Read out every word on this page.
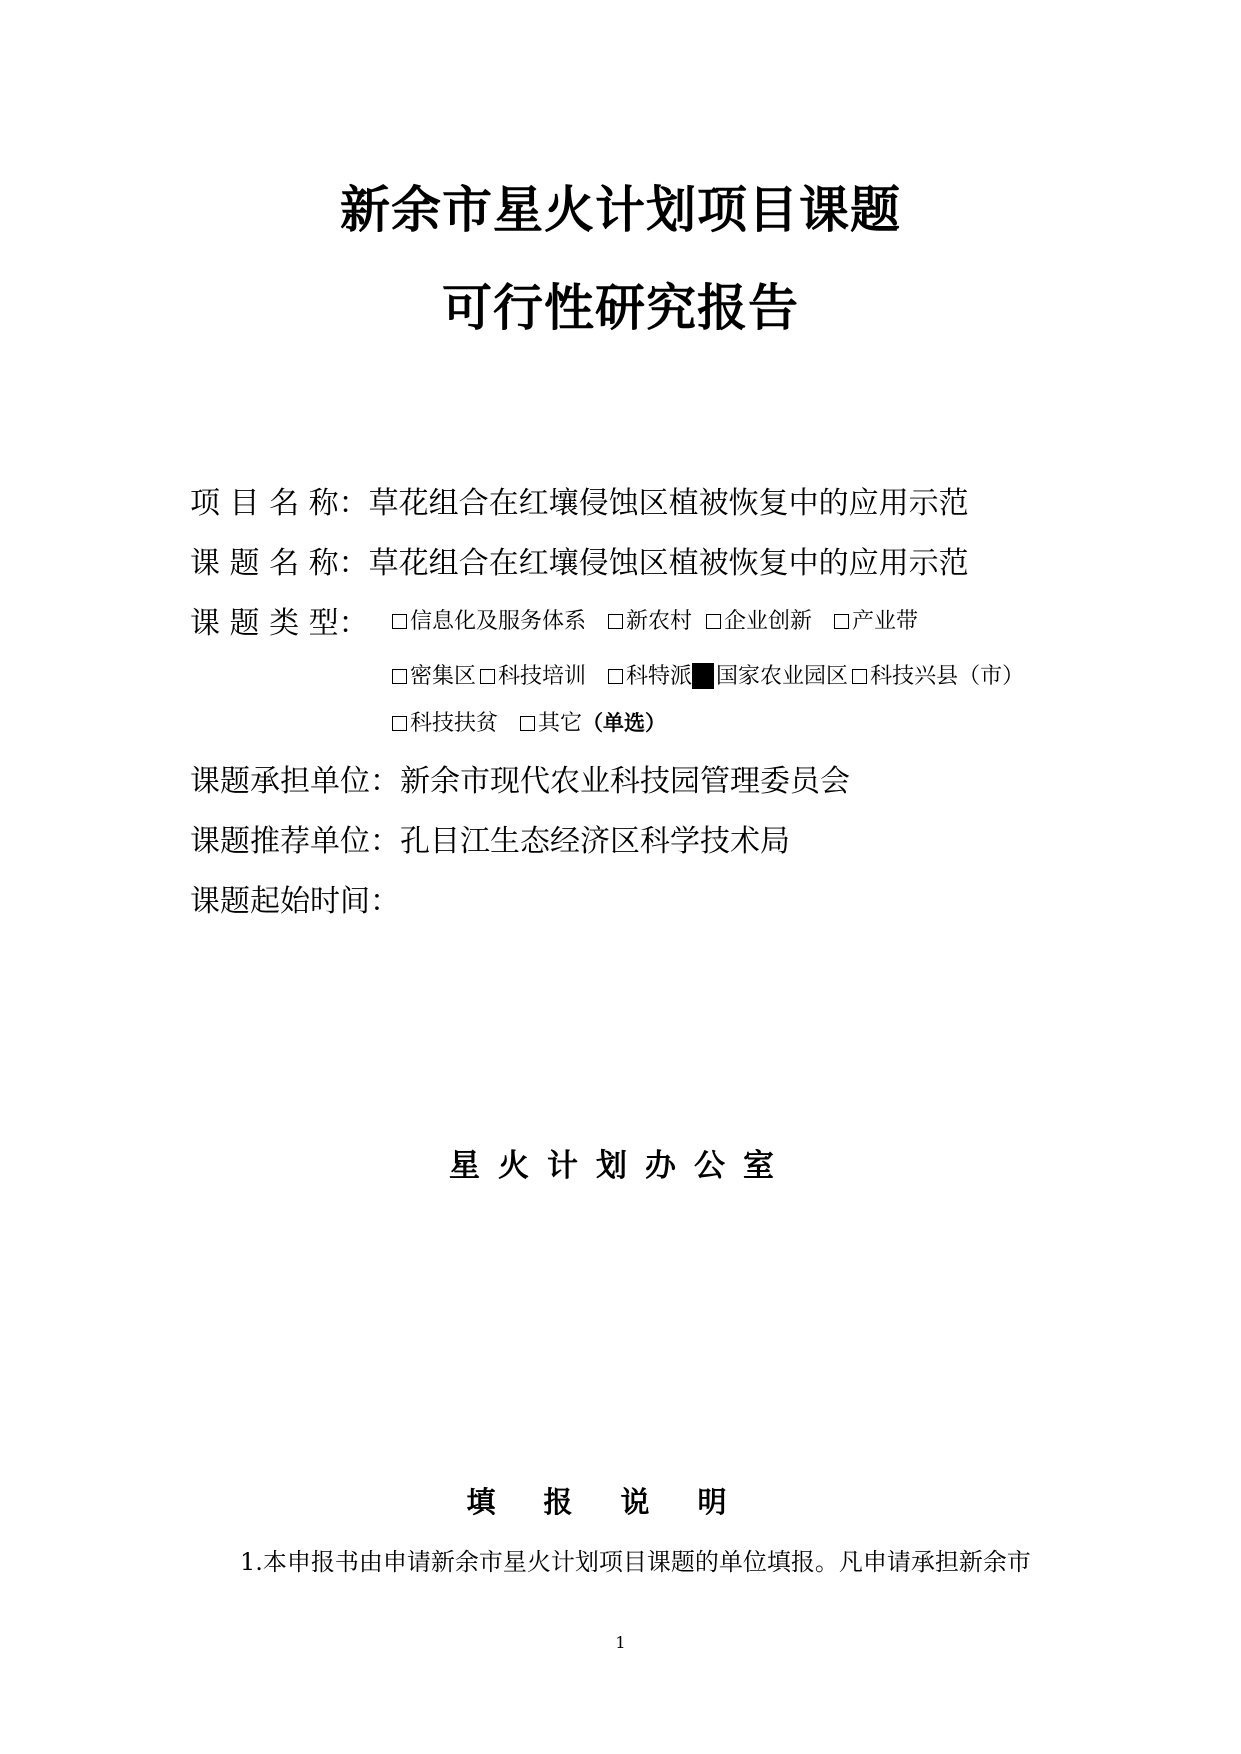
新余市星火计划项目课题
可行性研究报告
项 目 名 称：草花组合在红壤侵蚀区植被恢复中的应用示范
课 题 名 称：草花组合在红壤侵蚀区植被恢复中的应用示范
课 题 类 型：	信息化及服务体系 新农村 企业创新 产业带
密集区 科技培训 科特派 国家农业园区 科技兴县（市）
科技扶贫 其它（单选）
课题承担单位：新余市现代农业科技园管理委员会
课题推荐单位：孔目江生态经济区科学技术局
课题起始时间：
星火计划办公室
填报说明
1.本申报书由申请新余市星火计划项目课题的单位填报。凡申请承担新余市
1
